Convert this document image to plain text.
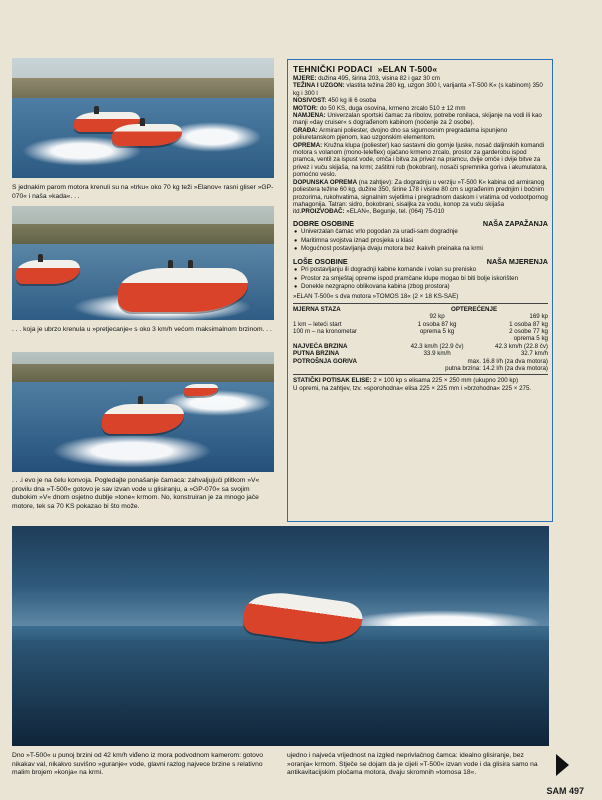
S jednakim parom motora krenuli su na »trku« oko 70 kg teži »Elanov« rasni gliser »GP-070« i naša »kada«. . .
. . . koja je ubrzo krenula u »pretjecanje« s oko 3 km/h većom maksimalnom brzinom. . .
. . .i evo je na čelu konvoja. Pogledajte ponašanje čamaca: zahvaljujući plitkom »V« provilu dna »T-500« gotovo je sav izvan vode u glisiranju, a »GP-070« sa svojim dubokim »V« dnom osjetno dublje »tone« krmom. No, konstruiran je za mnogo jače motore, tek sa 70 KS pokazao bi što može.
TEHNIČKI PODACI »ELAN T-500«

MJERE: dužina 495, širina 203, visina 82 i gaz 30 cm

TEŽINA I UZGON: vlastita težina 280 kg, uzgon 300 l, varijanta »T-500 K« (s kabinom) 350 kg i 300 l

NOSIVOST: 450 kg ili 6 osoba

MOTOR: do 50 KS, duga osovina, krmeno zrcalo 510 ± 12 mm

NAMJENA: Univerzalan sportski čamac za ribolov, potrebe ronilaca, skijanje na vodi ili kao manji »day cruiser« s dograđenom kabinom (noćenje za 2 osobe).

GRAĐA: Armirani poliester, dvojno dno sa sigurnosnim pregradama ispunjeno poliuretanskom pjenom, kao uzgonskim elementom.

OPREMA: Kružna klupa (poliester) kao sastavni dio gornje ljuske, nosač daljinskih komandi motora s volanom (mono-teleflex) ojačano krmeno zrcalo, prostor za garderobu ispod pramca, ventil za ispust vode, omča i bitva za privez na pramcu, dvije omče i dvije bitve za privez i vuču skijaša, na krmi; zaštitni rub (bokobran), nosači spremnika goriva i akumulatora, pomoćno veslo.

DOPUNSKA OPREMA (na zahtjev): Za dogradnju u verziju »T-500 K« kabina od armiranog poliestera težine 60 kg, dužine 350, širine 178 i visine 80 cm s ugrađenim prednjim i bočnim prozorima, rukohvatima, signalnim svjetlima i pregradnom daskom i vratima od vodootpornog mahagonija. Tatran: sidro, bokobrani, sisaljka za vodu, konop za vuču skijaša itd.PROIZVOĐAČ: »ELAN«, Begunje, tel. (064) 75-010

DOBRE OSOBINE	NAŠA ZAPAŽANJA

● Univerzalan čamac vrlo pogodan za uradi-sam dogradnje

● Maritimna svojstva iznad prosjeka u klasi

● Mogućnost postavljanja dvaju motora bez ikakvih preinaka na krmi

LOŠE OSOBINE	NAŠA MJERENJA

● Pri postavljanju ili dogradnji kabine komande i volan su prenisko

● Prostor za smještaj opreme ispod pramčane klupe mogao bi biti bolje iskorišten

● Donekle nezgrapno oblikovana kabina (zbog prostora)

»ELAN T-500« s dva motora »TOMOS 18« (2 × 18 KS-SAE)

MJERNA STAZA	OPTEREĆENJE	
	92 kp	169 kp
1 km – leteći start	1 osoba 87 kg	1 osoba 87 kg
100 m – na kronometar	oprema 5 kg	2 osobe 77 kg
		oprema 5 kg
NAJVEĆA BRZINA	42.3 km/h (22.9 čv)	42.3 km/h (22.8 čv)
PUTNA BRZINA	33.9 km/h	32.7 km/h
POTROŠNJA GORIVA	max. 16.8 l/h (za dva motora)	
	putna brzina: 14.2 l/h (za dva motora)	

STATIČKI POTISAK ELISE: 2 × 100 kp s elisama 225 × 250 mm (ukupno 200 kp)

U opremi, na zahtjev, tzv. »sporohodna« elisa 225 × 225 mm i »brzohodna« 225 × 275.

Dno »T-500« u punoj brzini od 42 km/h viđeno iz mora podvodnom kamerom: gotovo nikakav val, nikakvo suvišno »guranje« vode, glavni razlog najvece brzine s relativno malim brojem »konja« na krmi.
ujedno i najveća vrijednost na izgled neprivlačnog čamca: idealno glisiranje, bez »oranja« krmom. Stječe se dojam da je cijeli »T-500« izvan vode i da glisira samo na antikavitacijskim pločama motora, dvaju skromnih »tomosa 18«.
SAM 497
